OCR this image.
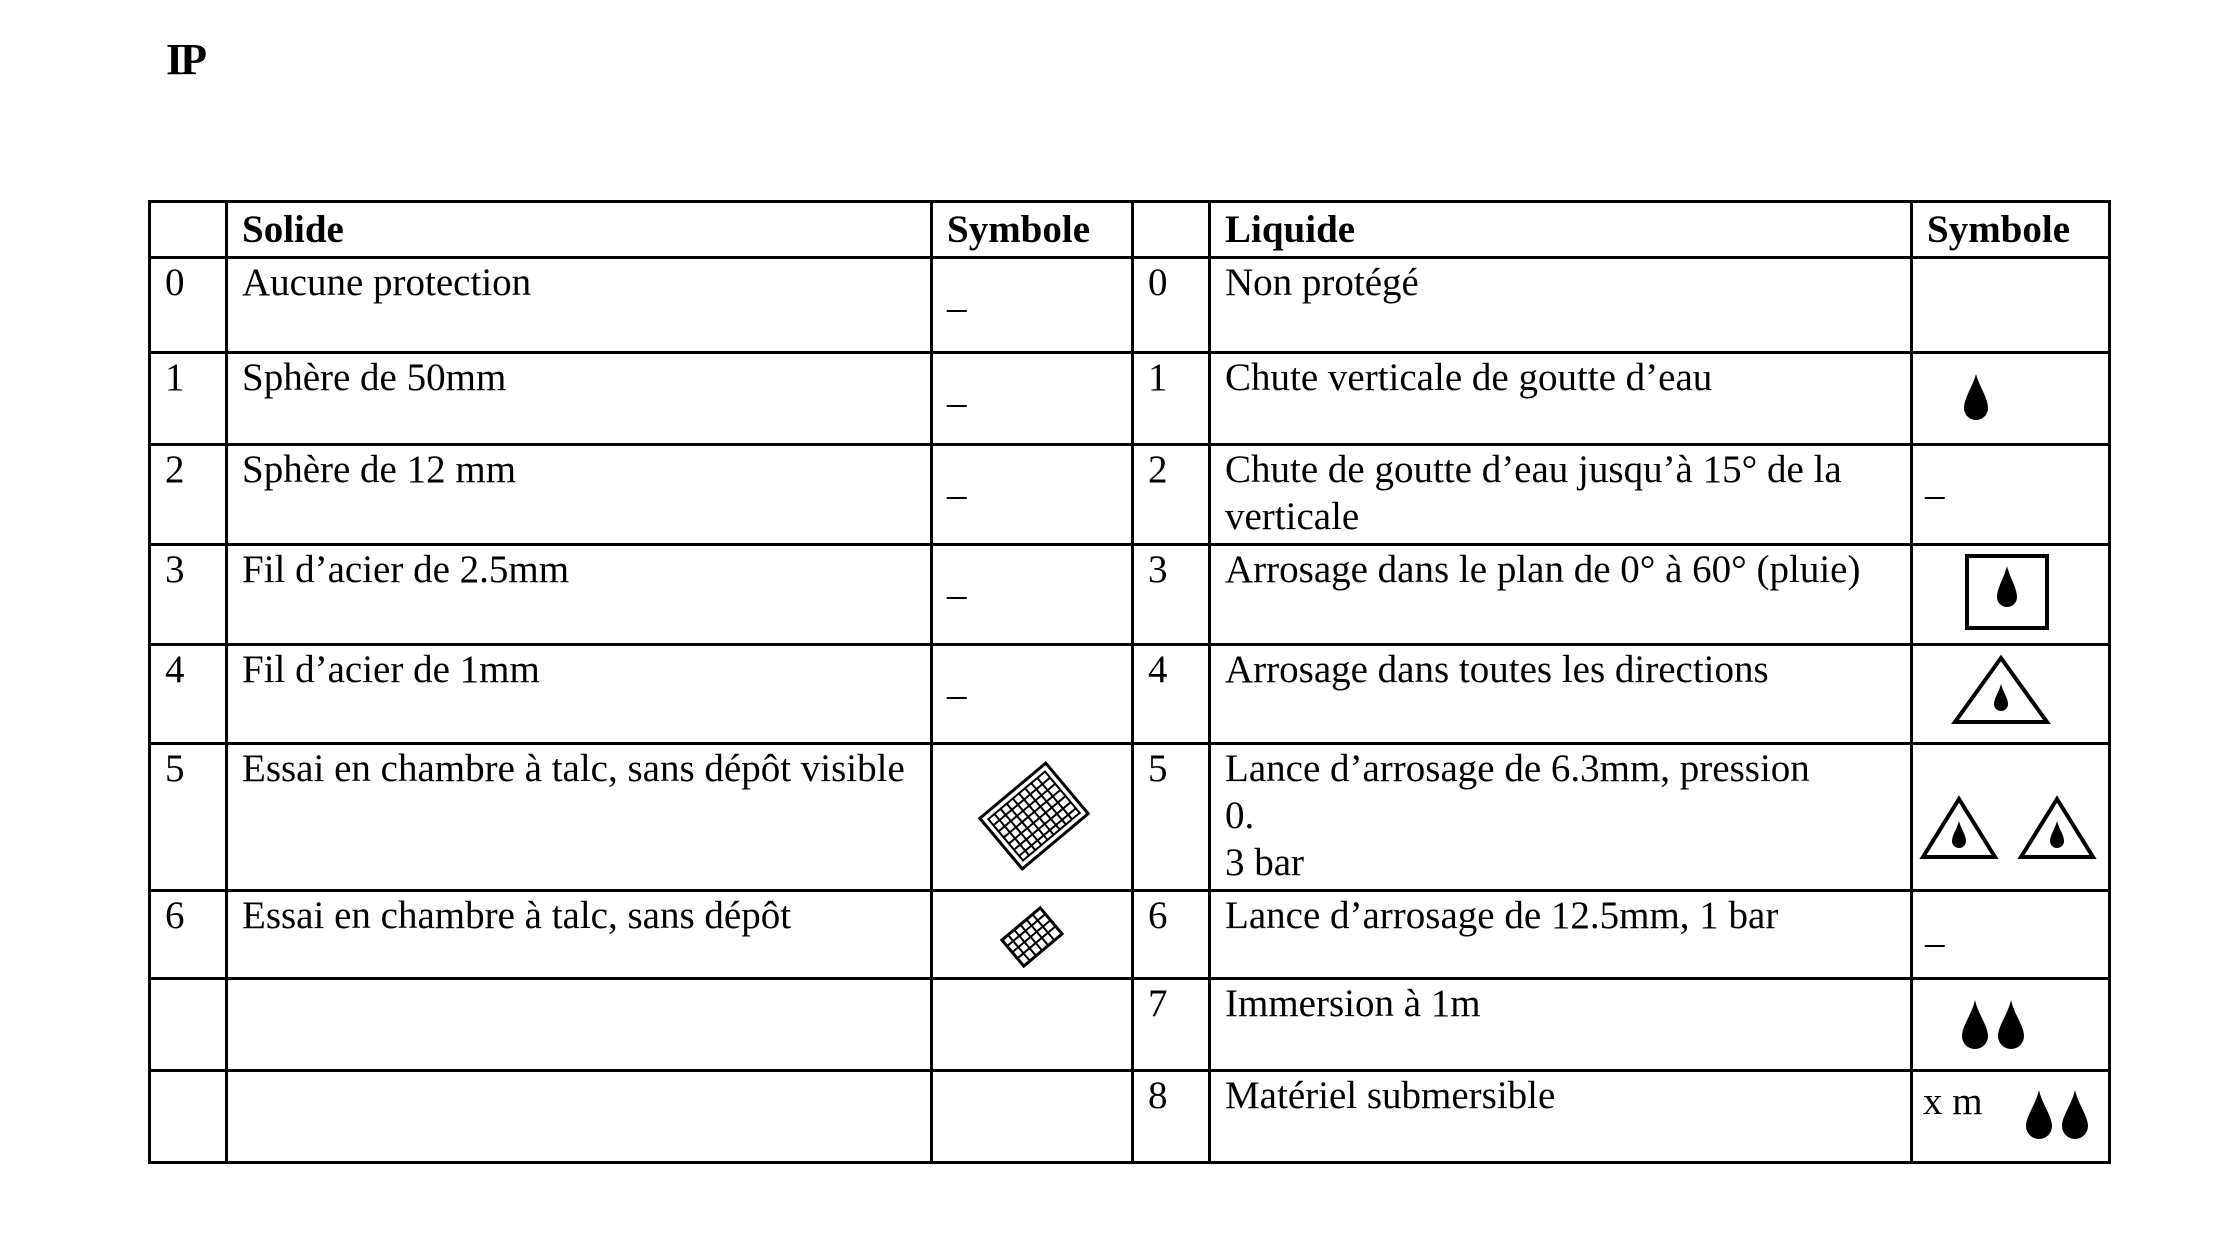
IP
	Solide	Symbole		Liquide	Symbole
0	Aucune protection	_	0	Non protégé	
1	Sphère de 50mm	_	1	Chute verticale de goutte d’eau	

2	Sphère de 12 mm	_	2	Chute de goutte d’eau jusqu’à 15° de la verticale	_

3	Fil d’acier de 2.5mm	_	3	Arrosage dans le plan de 0° à 60° (pluie)	

4	Fil d’acier de 1mm	_	4	Arrosage dans toutes les directions	

5	Essai en chambre à talc, sans dépôt visible		5	Lance d’arrosage de 6.3mm, pression
0.
3 bar

6	Essai en chambre à talc, sans dépôt		6	Lance d’arrosage de 12.5mm, 1 bar	_

			7	Immersion à 1m	

			8	Matériel submersible	x m
